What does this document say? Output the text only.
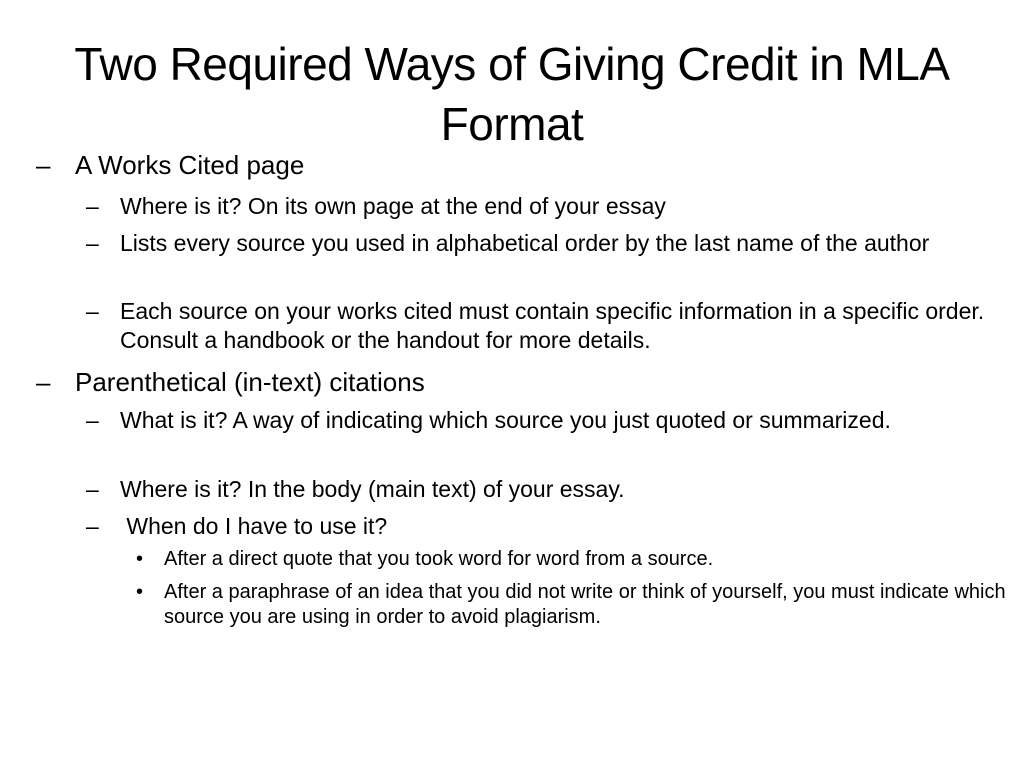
Two Required Ways of Giving Credit in MLA Format
– A Works Cited page
– Where is it? On its own page at the end of your essay
– Lists every source you used in alphabetical order by the last name of the author
– Each source on your works cited must contain specific information in a specific order. Consult a handbook or the handout for more details.
– Parenthetical (in-text) citations
– What is it? A way of indicating which source you just quoted or summarized.
– Where is it? In the body (main text) of your essay.
– When do I have to use it?
• After a direct quote that you took word for word from a source.
• After a paraphrase of an idea that you did not write or think of yourself, you must indicate which source you are using in order to avoid plagiarism.
